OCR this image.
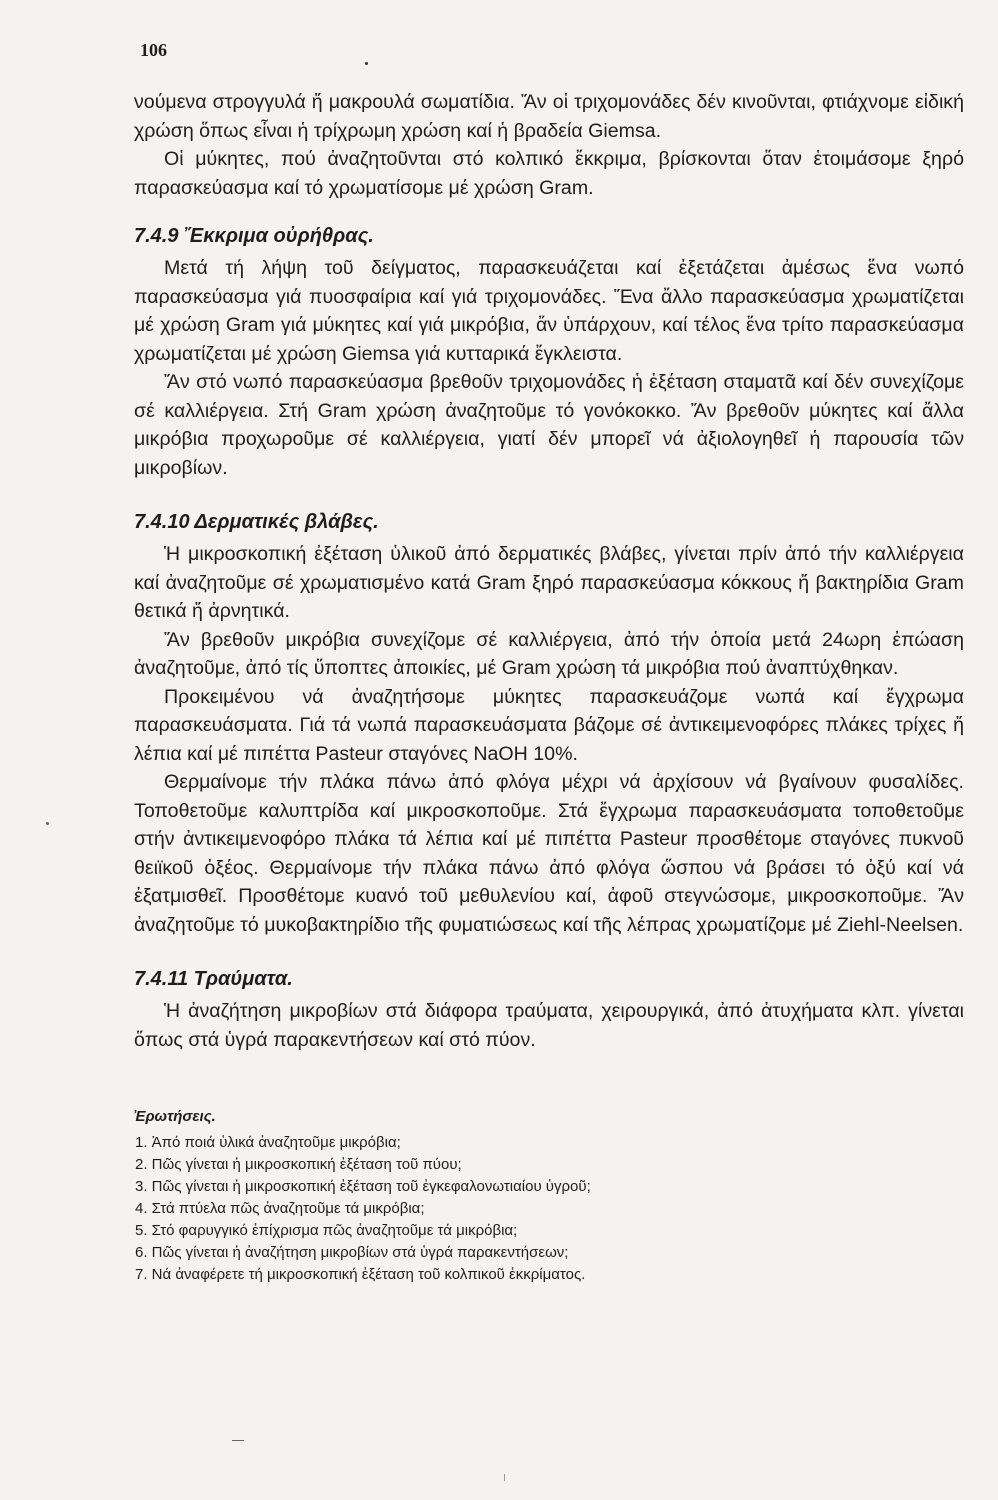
106

νούμενα στρογγυλά ἤ μακρουλά σωματίδια. Ἄν οἱ τριχομονάδες δέν κινοῦνται, φτιάχνομε εἰδική χρώση ὅπως εἶναι ἡ τρίχρωμη χρώση καί ἡ βραδεία Giemsa.

Οἱ μύκητες, πού ἀναζητοῦνται στό κολπικό ἔκκριμα, βρίσκονται ὅταν ἑτοιμάσομε ξηρό παρασκεύασμα καί τό χρωματίσομε μέ χρώση Gram.

7.4.9 Ἔκκριμα οὐρήθρας.

Μετά τή λήψη τοῦ δείγματος, παρασκευάζεται καί ἐξετάζεται ἀμέσως ἕνα νωπό παρασκεύασμα γιά πυοσφαίρια καί γιά τριχομονάδες. Ἕνα ἄλλο παρασκεύασμα χρωματίζεται μέ χρώση Gram γιά μύκητες καί γιά μικρόβια, ἄν ὑπάρχουν, καί τέλος ἕνα τρίτο παρασκεύασμα χρωματίζεται μέ χρώση Giemsa γιά κυτταρικά ἔγκλειστα.

Ἄν στό νωπό παρασκεύασμα βρεθοῦν τριχομονάδες ἡ ἐξέταση σταματᾶ καί δέν συνεχίζομε σέ καλλιέργεια. Στή Gram χρώση ἀναζητοῦμε τό γονόκοκκο. Ἄν βρεθοῦν μύκητες καί ἄλλα μικρόβια προχωροῦμε σέ καλλιέργεια, γιατί δέν μπορεῖ νά ἀξιολογηθεῖ ἡ παρουσία τῶν μικροβίων.

7.4.10 Δερματικές βλάβες.

Ἡ μικροσκοπική ἐξέταση ὑλικοῦ ἀπό δερματικές βλάβες, γίνεται πρίν ἀπό τήν καλλιέργεια καί ἀναζητοῦμε σέ χρωματισμένο κατά Gram ξηρό παρασκεύασμα κόκκους ἤ βακτηρίδια Gram θετικά ἤ ἀρνητικά.

Ἄν βρεθοῦν μικρόβια συνεχίζομε σέ καλλιέργεια, ἀπό τήν ὁποία μετά 24ωρη ἐπώαση ἀναζητοῦμε, ἀπό τίς ὕποπτες ἀποικίες, μέ Gram χρώση τά μικρόβια πού ἀναπτύχθηκαν.

Προκειμένου νά ἀναζητήσομε μύκητες παρασκευάζομε νωπά καί ἔγχρωμα παρασκευάσματα. Γιά τά νωπά παρασκευάσματα βάζομε σέ ἀντικειμενοφόρες πλάκες τρίχες ἤ λέπια καί μέ πιπέττα Pasteur σταγόνες NaOH 10%.

Θερμαίνομε τήν πλάκα πάνω ἀπό φλόγα μέχρι νά ἀρχίσουν νά βγαίνουν φυσαλίδες. Τοποθετοῦμε καλυπτρίδα καί μικροσκοποῦμε. Στά ἔγχρωμα παρασκευάσματα τοποθετοῦμε στήν ἀντικειμενοφόρο πλάκα τά λέπια καί μέ πιπέττα Pasteur προσθέτομε σταγόνες πυκνοῦ θειϊκοῦ ὀξέος. Θερμαίνομε τήν πλάκα πάνω ἀπό φλόγα ὥσπου νά βράσει τό ὀξύ καί νά ἐξατμισθεῖ. Προσθέτομε κυανό τοῦ μεθυλενίου καί, ἀφοῦ στεγνώσομε, μικροσκοποῦμε. Ἄν ἀναζητοῦμε τό μυκοβακτηρίδιο τῆς φυματιώσεως καί τῆς λέπρας χρωματίζομε μέ Ziehl-Neelsen.

7.4.11 Τραύματα.

Ἡ ἀναζήτηση μικροβίων στά διάφορα τραύματα, χειρουργικά, ἀπό ἀτυχήματα κλπ. γίνεται ὅπως στά ὑγρά παρακεντήσεων καί στό πύον.

Ἐρωτήσεις.
1. Ἀπό ποιά ὑλικά ἀναζητοῦμε μικρόβια;
2. Πῶς γίνεται ἡ μικροσκοπική ἐξέταση τοῦ πύου;
3. Πῶς γίνεται ἡ μικροσκοπική ἐξέταση τοῦ ἐγκεφαλονωτιαίου ὑγροῦ;
4. Στά πτύελα πῶς ἀναζητοῦμε τά μικρόβια;
5. Στό φαρυγγικό ἐπίχρισμα πῶς ἀναζητοῦμε τά μικρόβια;
6. Πῶς γίνεται ἡ ἀναζήτηση μικροβίων στά ὑγρά παρακεντήσεων;
7. Νά ἀναφέρετε τή μικροσκοπική ἐξέταση τοῦ κολπικοῦ ἐκκρίματος.
